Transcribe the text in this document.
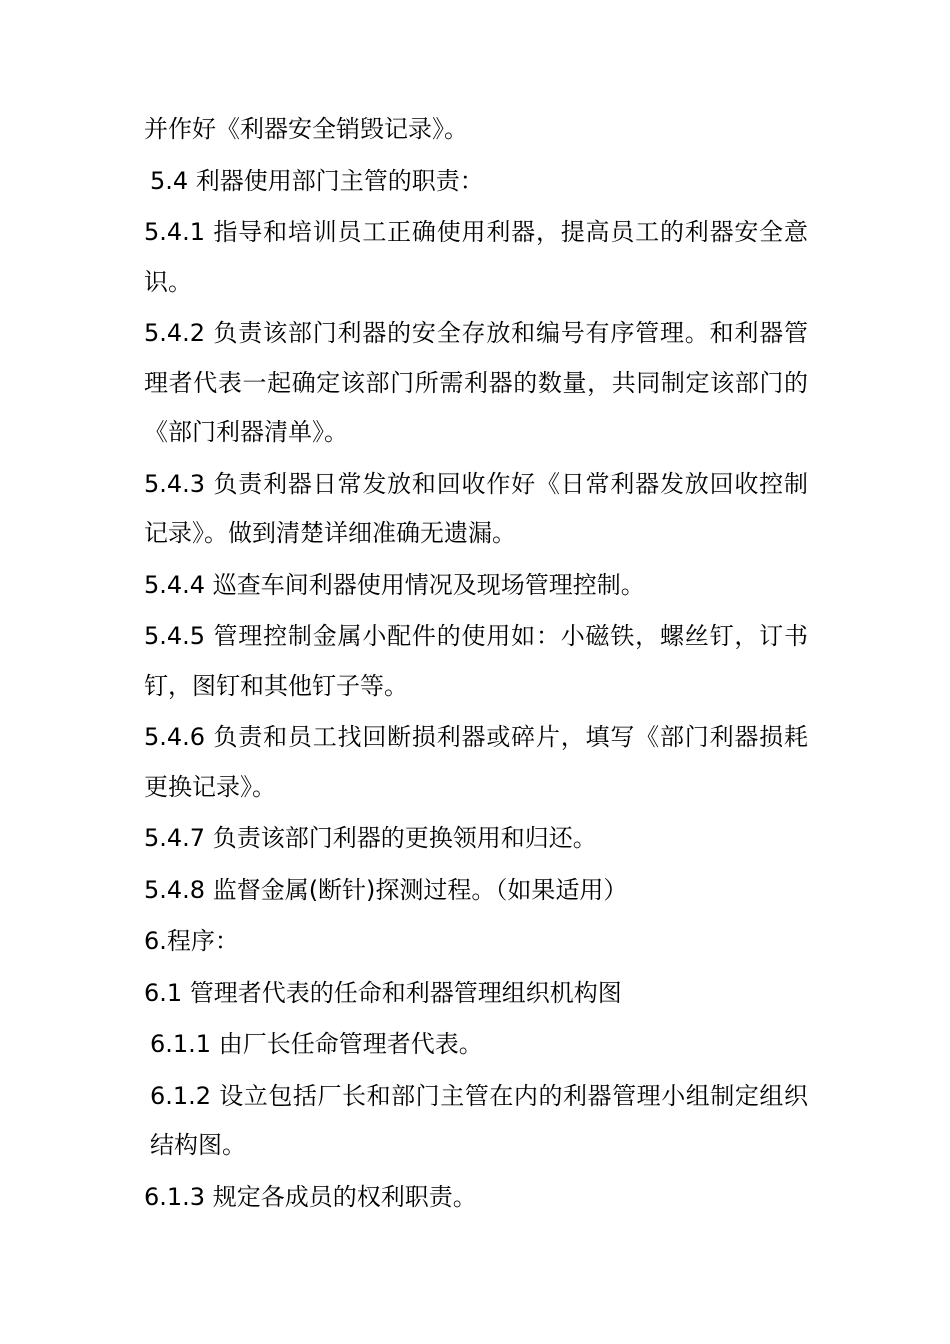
并作好《利器安全销毁记录》。

5.4 利器使用部门主管的职责：

5.4.1 指导和培训员工正确使用利器，提高员工的利器安全意识。

5.4.2 负责该部门利器的安全存放和编号有序管理。和利器管理者代表一起确定该部门所需利器的数量，共同制定该部门的《部门利器清单》。

5.4.3 负责利器日常发放和回收作好《日常利器发放回收控制记录》。做到清楚详细准确无遗漏。

5.4.4 巡查车间利器使用情况及现场管理控制。

5.4.5 管理控制金属小配件的使用如：小磁铁，螺丝钉，订书钉，图钉和其他钉子等。

5.4.6 负责和员工找回断损利器或碎片，填写《部门利器损耗更换记录》。

5.4.7 负责该部门利器的更换领用和归还。

5.4.8 监督金属(断针)探测过程。（如果适用）

6.程序：

6.1 管理者代表的任命和利器管理组织机构图

6.1.1 由厂长任命管理者代表。

6.1.2 设立包括厂长和部门主管在内的利器管理小组制定组织结构图。

6.1.3 规定各成员的权利职责。
